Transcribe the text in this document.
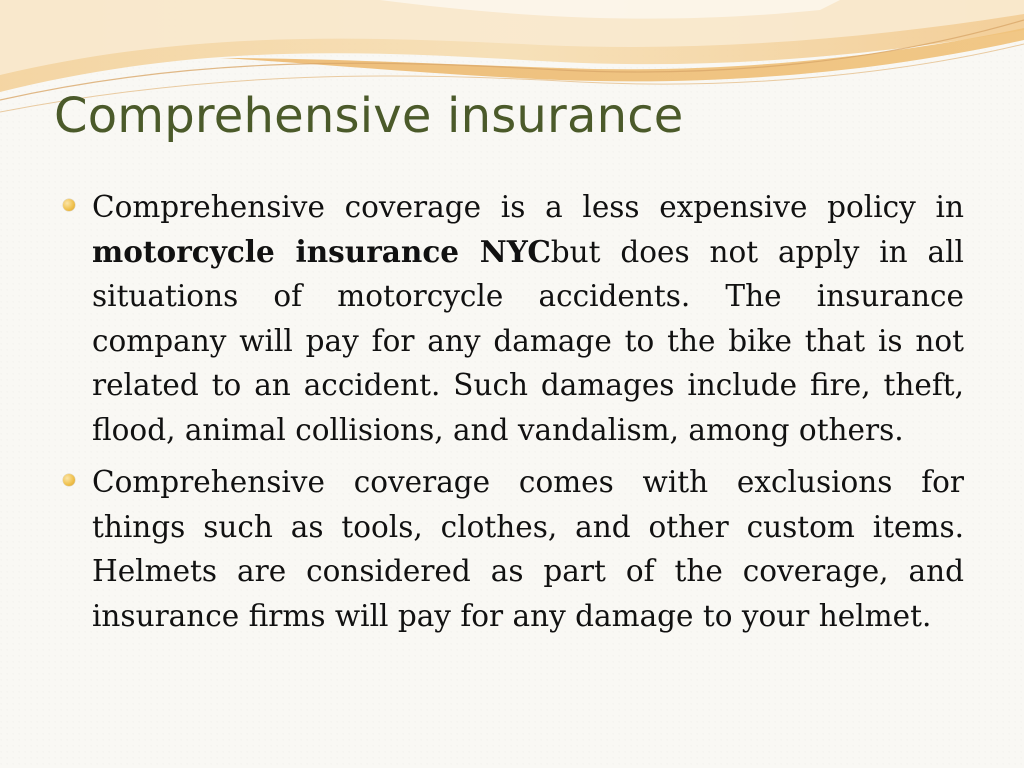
Comprehensive insurance
Comprehensive coverage is a less expensive policy in motorcycle insurance NYCbut does not apply in all situations of motorcycle accidents. The insurance company will pay for any damage to the bike that is not related to an accident. Such damages include fire, theft, flood, animal collisions, and vandalism, among others.
Comprehensive coverage comes with exclusions for things such as tools, clothes, and other custom items. Helmets are considered as part of the coverage, and insurance firms will pay for any damage to your helmet.
